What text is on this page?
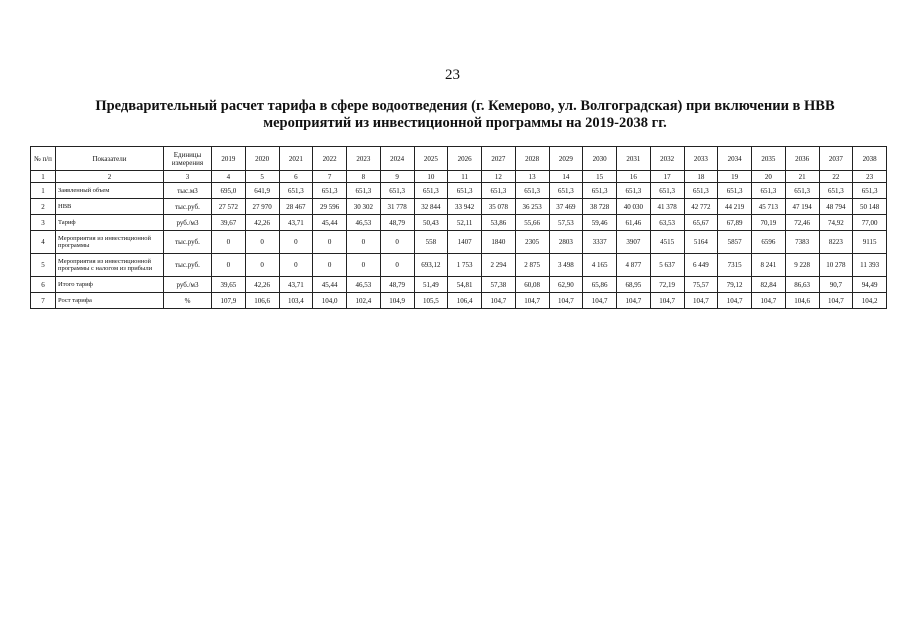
23
Предварительный расчет тарифа в сфере водоотведения (г. Кемерово, ул. Волгоградская) при включении в НВВ
мероприятий из инвестиционной программы на 2019-2038 гг.
№ п/п	Показатели	Единицы измерения	2019	2020	2021	2022	2023	2024	2025	2026	2027	2028	2029	2030	2031	2032	2033	2034	2035	2036	2037	2038
1	2	3	4	5	6	7	8	9	10	11	12	13	14	15	16	17	18	19	20	21	22	23
1	Заявленный объем	тыс.м3	695,0	641,9	651,3	651,3	651,3	651,3	651,3	651,3	651,3	651,3	651,3	651,3	651,3	651,3	651,3	651,3	651,3	651,3	651,3	651,3
2	НВВ	тыс.руб.	27 572	27 970	28 467	29 596	30 302	31 778	32 844	33 942	35 078	36 253	37 469	38 728	40 030	41 378	42 772	44 219	45 713	47 194	48 794	50 148
3	Тариф	руб./м3	39,67	42,26	43,71	45,44	46,53	48,79	50,43	52,11	53,86	55,66	57,53	59,46	61,46	63,53	65,67	67,89	70,19	72,46	74,92	77,00
4	Мероприятия из инвестиционной программы	тыс.руб.	0	0	0	0	0	0	558	1407	1840	2305	2803	3337	3907	4515	5164	5857	6596	7383	8223	9115
5	Мероприятия из инвестиционной программы с налогом из прибыли	тыс.руб.	0	0	0	0	0	0	693,12	1 753	2 294	2 875	3 498	4 165	4 877	5 637	6 449	7315	8 241	9 228	10 278	11 393
6	Итого тариф	руб./м3	39,65	42,26	43,71	45,44	46,53	48,79	51,49	54,81	57,38	60,08	62,90	65,86	68,95	72,19	75,57	79,12	82,84	86,63	90,7	94,49
7	Рост тарифа	%	107,9	106,6	103,4	104,0	102,4	104,9	105,5	106,4	104,7	104,7	104,7	104,7	104,7	104,7	104,7	104,7	104,7	104,6	104,7	104,2
